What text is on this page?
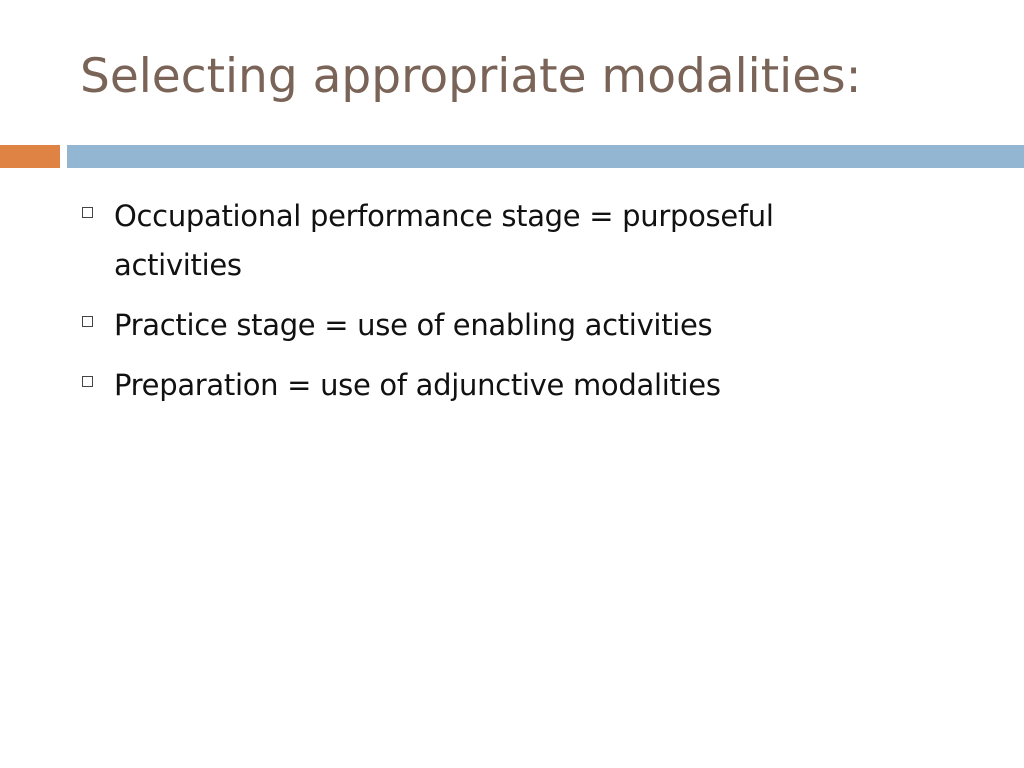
Selecting appropriate modalities:
Occupational performance stage = purposeful activities
Practice stage = use of enabling activities
Preparation = use of adjunctive modalities
